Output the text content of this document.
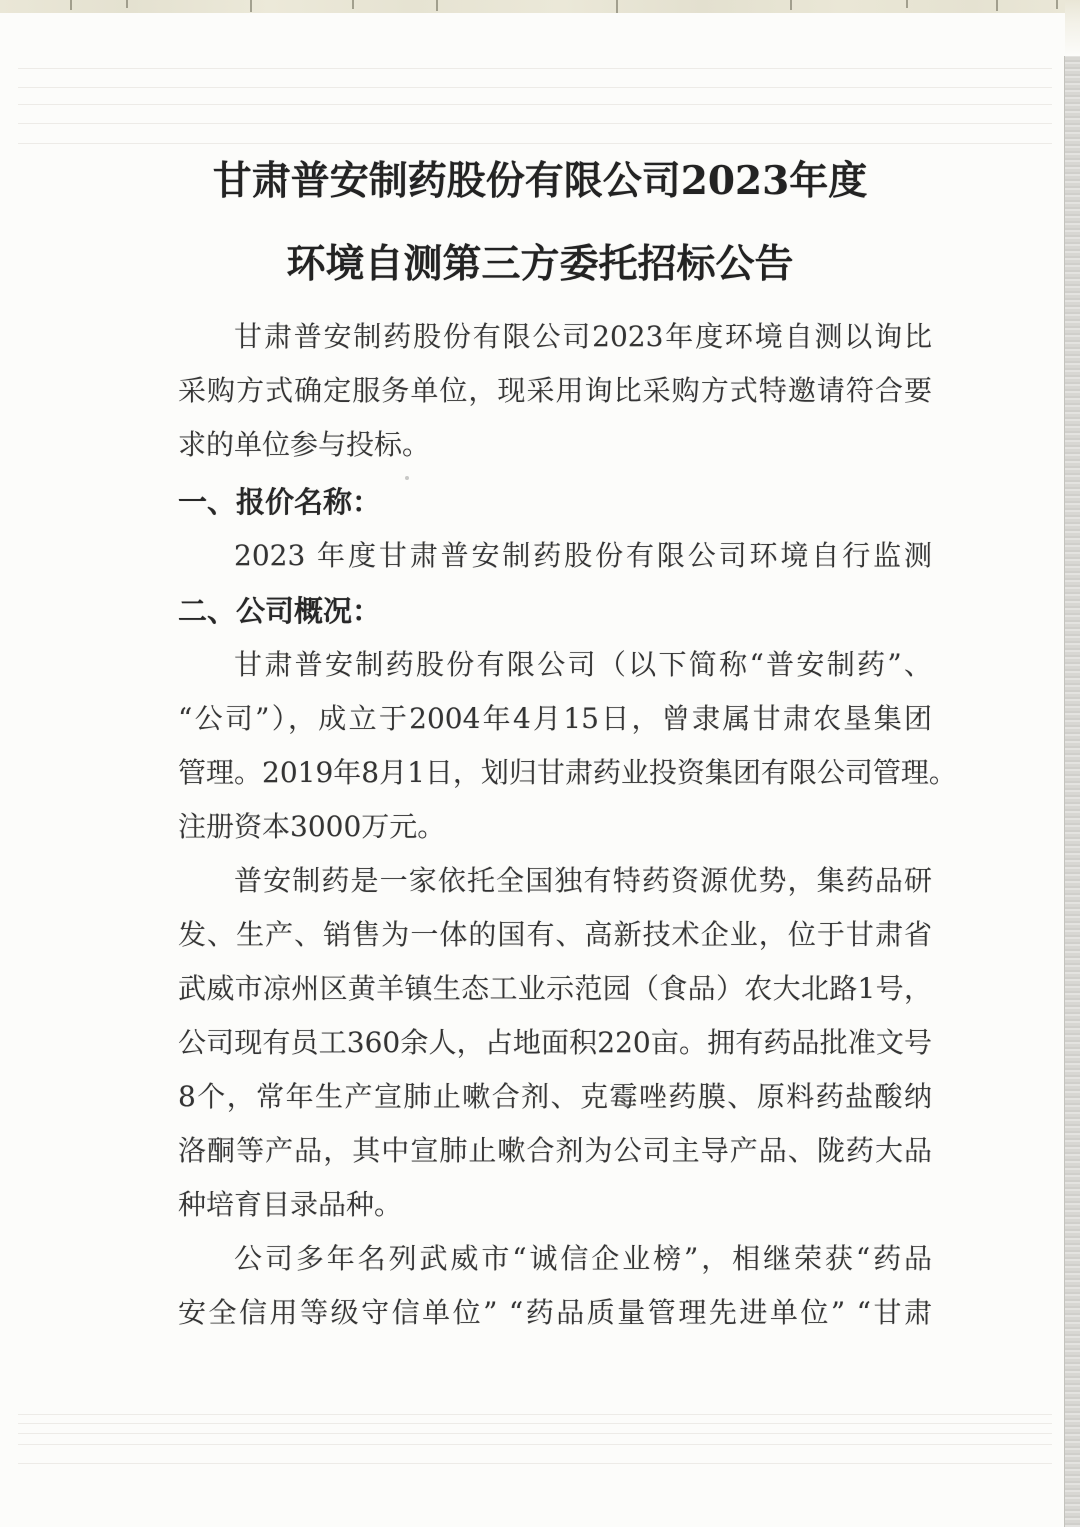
甘肃普安制药股份有限公司2023年度
环境自测第三方委托招标公告
甘肃普安制药股份有限公司2023年度环境自测以询比
采购方式确定服务单位，现采用询比采购方式特邀请符合要
求的单位参与投标。
一、报价名称：
2023 年度甘肃普安制药股份有限公司环境自行监测
二、公司概况：
甘肃普安制药股份有限公司（以下简称“普安制药”、
“公司”），成立于2004年4月15日，曾隶属甘肃农垦集团
管理。2019年8月1日，划归甘肃药业投资集团有限公司管理。
注册资本3000万元。
普安制药是一家依托全国独有特药资源优势，集药品研
发、生产、销售为一体的国有、高新技术企业，位于甘肃省
武威市凉州区黄羊镇生态工业示范园（食品）农大北路1号，
公司现有员工360余人，占地面积220亩。拥有药品批准文号
8个，常年生产宣肺止嗽合剂、克霉唑药膜、原料药盐酸纳
洛酮等产品，其中宣肺止嗽合剂为公司主导产品、陇药大品
种培育目录品种。
公司多年名列武威市“诚信企业榜”，相继荣获“药品
安全信用等级守信单位” “药品质量管理先进单位” “甘肃
